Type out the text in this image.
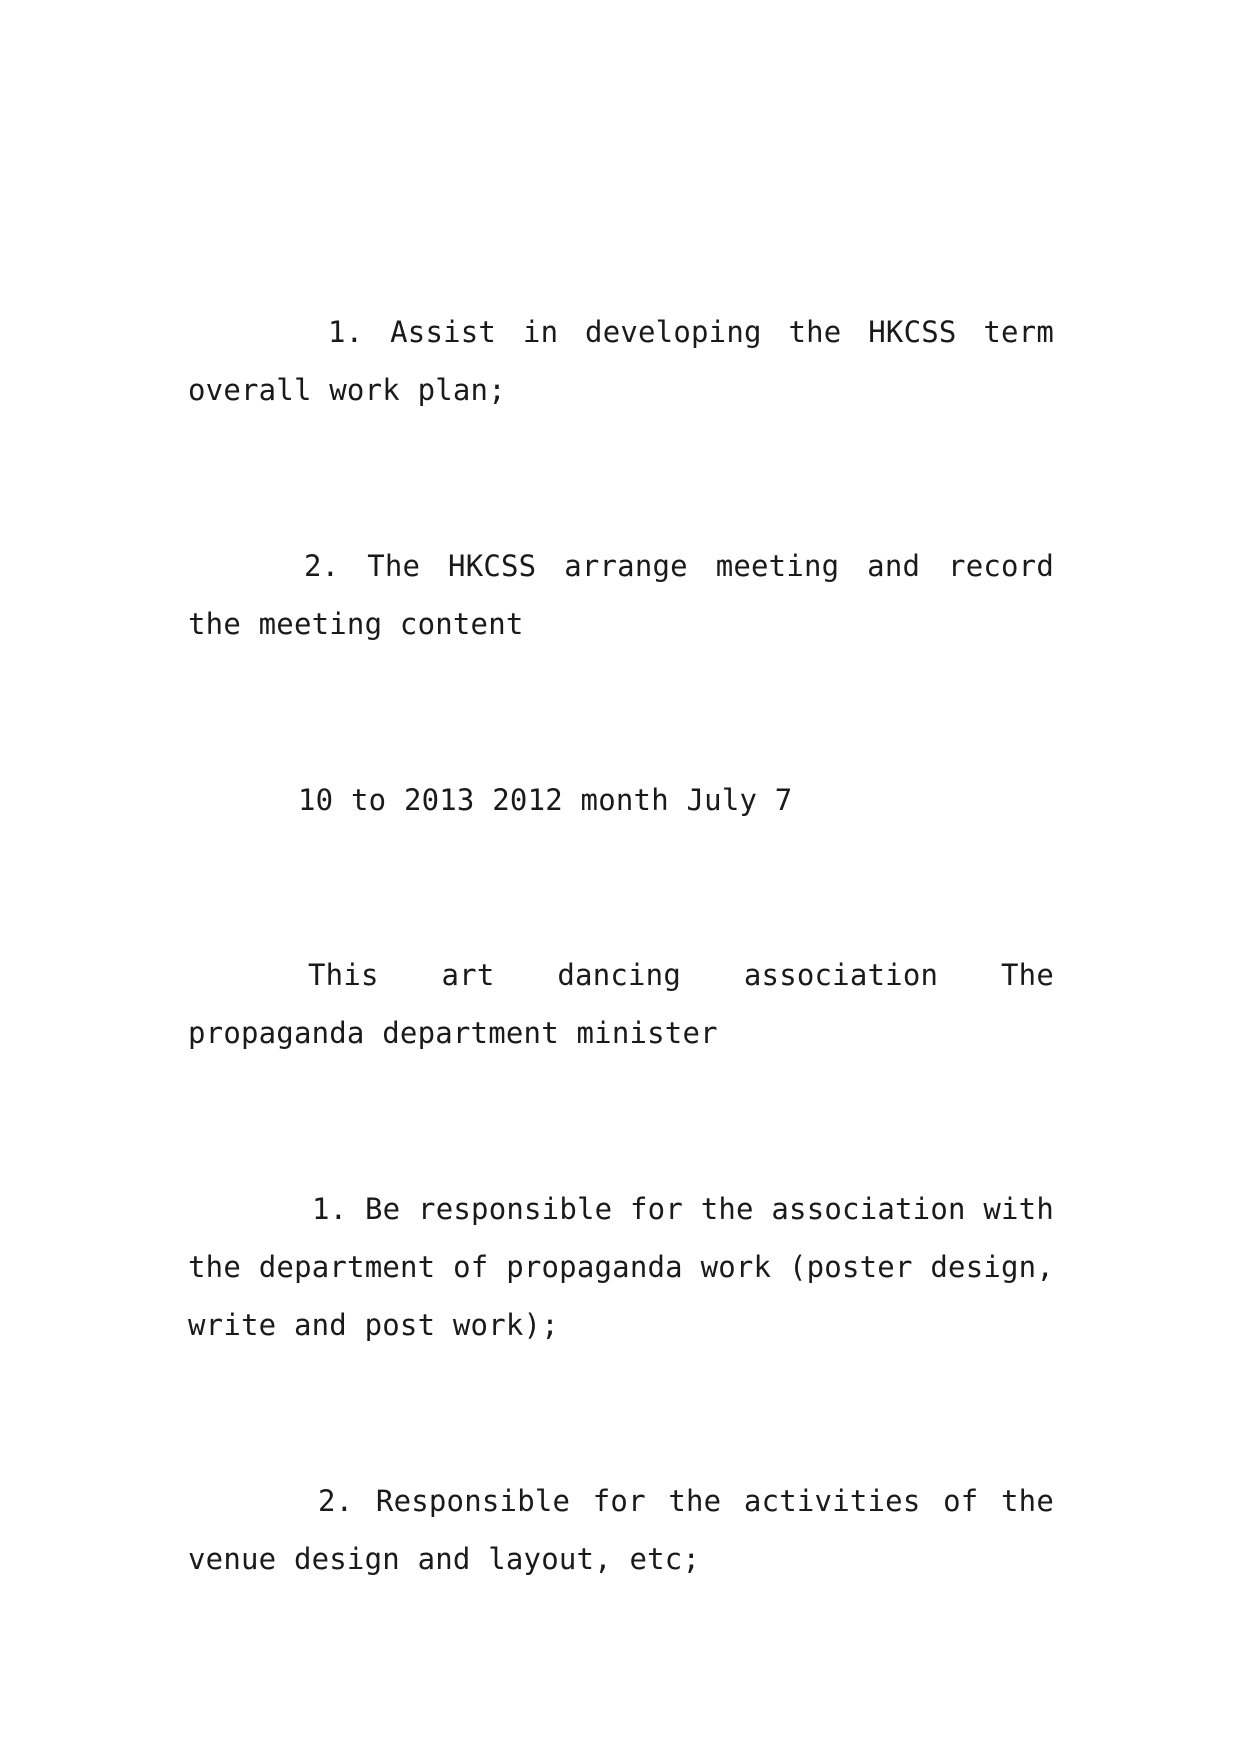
1. Assist in developing the HKCSS term overall work plan;

2. The HKCSS arrange meeting and record the meeting content

10 to 2013 2012 month July 7

This art dancing association The propaganda department minister

1. Be responsible for the association with the department of propaganda work (poster design, write and post work);

2. Responsible for the activities of the venue design and layout, etc;
